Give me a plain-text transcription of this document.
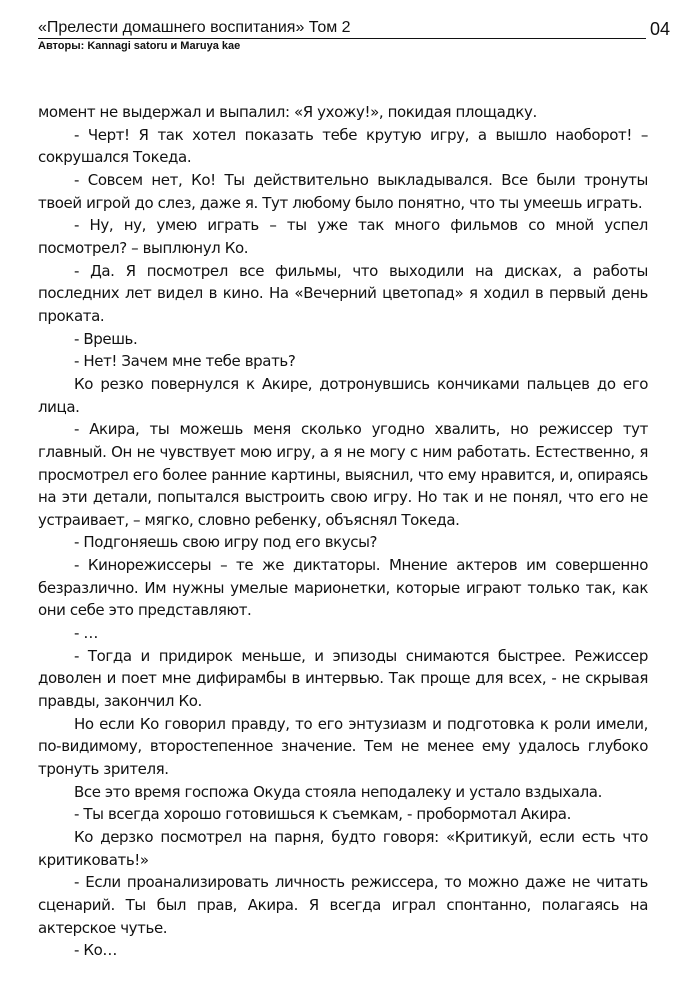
«Прелести домашнего воспитания» Том 2
Авторы: Kannagi satoru и Maruya kae
04

момент не выдержал и выпалил: «Я ухожу!», покидая площадку.

- Черт! Я так хотел показать тебе крутую игру, а вышло наоборот! – сокрушался Токеда.

- Совсем нет, Ко! Ты действительно выкладывался. Все были тронуты твоей игрой до слез, даже я. Тут любому было понятно, что ты умеешь играть.

- Ну, ну, умею играть – ты уже так много фильмов со мной успел посмотрел? – выплюнул Ко.

- Да. Я посмотрел все фильмы, что выходили на дисках, а работы последних лет видел в кино. На «Вечерний цветопад» я ходил в первый день проката.

- Врешь.

- Нет! Зачем мне тебе врать?

Ко резко повернулся к Акире, дотронувшись кончиками пальцев до его лица.

- Акира, ты можешь меня сколько угодно хвалить, но режиссер тут главный. Он не чувствует мою игру, а я не могу с ним работать. Естественно, я просмотрел его более ранние картины, выяснил, что ему нравится, и, опираясь на эти детали, попытался выстроить свою игру. Но так и не понял, что его не устраивает, – мягко, словно ребенку, объяснял Токеда.

- Подгоняешь свою игру под его вкусы?

- Кинорежиссеры – те же диктаторы. Мнение актеров им совершенно безразлично. Им нужны умелые марионетки, которые играют только так, как они себе это представляют.

- …

- Тогда и придирок меньше, и эпизоды снимаются быстрее. Режиссер доволен и поет мне дифирамбы в интервью. Так проще для всех, - не скрывая правды, закончил Ко.

Но если Ко говорил правду, то его энтузиазм и подготовка к роли имели, по-видимому, второстепенное значение. Тем не менее ему удалось глубоко тронуть зрителя.

Все это время госпожа Окуда стояла неподалеку и устало вздыхала.

- Ты всегда хорошо готовишься к съемкам, - пробормотал Акира.

Ко дерзко посмотрел на парня, будто говоря: «Критикуй, если есть что критиковать!»

- Если проанализировать личность режиссера, то можно даже не читать сценарий. Ты был прав, Акира. Я всегда играл спонтанно, полагаясь на актерское чутье.

- Ко…
